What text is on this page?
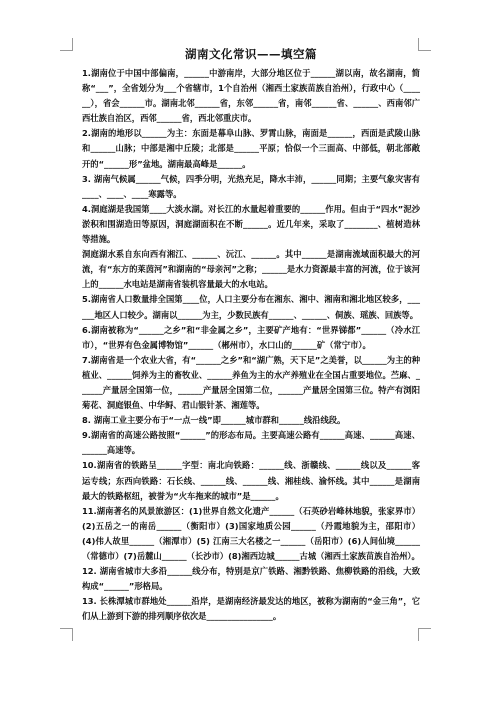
湖南文化常识——填空篇

1.湖南位于中国中部偏南，______中游南岸，大部分地区位于______湖以南，故名湖南，简称“___”，全省划分为___个省辖市，1个自治州（湘西土家族苗族自治州），行政中心（______），省会______市。湖南北邻______省，东邻______省，南邻______省、______、西南邻广西壮族自治区，西邻______省，西北邻重庆市。

2.湖南的地形以______为主：东面是幕阜山脉、罗霄山脉，南面是______，西面是武陵山脉和______山脉；中部是湘中丘陵；北部是______平原；恰似一个三面高、中部低，朝北部敞开的“______形”盆地。湖南最高峰是______。

3. 湖南气候属______气候，四季分明，光热充足，降水丰沛，______同期；主要气象灾害有____、____、____寒露等。

4.洞庭湖是我国第____大淡水湖。对长江的水量起着重要的______作用。但由于“四水”泥沙淤积和围湖造田等原因，洞庭湖面积在不断______。近几年来，采取了________、植树造林等措施。

洞庭湖水系自东向西有湘江、______、沅江、______。其中______是湖南流域面积最大的河流，有“东方的莱茵河”和湖南的“母亲河”之称；______是水力资源最丰富的河流，位于该河上的______水电站是湖南省装机容量最大的水电站。

5.湖南省人口数量排全国第____位，人口主要分布在湘东、湘中、湘南和湘北地区较多，______地区人口较少。湖南以______为主，少数民族有______、______、侗族、瑶族、回族等。

6.湖南被称为“______之乡”和“非金属之乡”，主要矿产地有：“世界锑都”______（冷水江市），“世界有色金属博物馆”______（郴州市），水口山的______矿（常宁市）。

7.湖南省是一个农业大省，有“______之乡”和“湖广熟，天下足”之美誉，以______为主的种植业、______饲养为主的畜牧业、______养鱼为主的水产养殖业在全国占重要地位。苎麻、______产量居全国第一位，______产量居全国第二位，______产量居全国第三位。特产有浏阳菊花、洞庭银鱼、中华鲟、君山银针茶、湘莲等。

8. 湖南工业主要分布于“一点一线”即______城市群和______线沿线段。

9.湖南省的高速公路按照“______”的形态布局。主要高速公路有______高速、______高速、______高速等。

10.湖南省的铁路呈______字型：南北向铁路：______线、浙赣线、______线以及______客运专线；东西向铁路：石长线、______线、______线、湘桂线、渝怀线。其中______是湖南最大的铁路枢纽，被誉为“火车拖来的城市”是______。

11.湖南著名的风景旅游区：(1)世界自然文化遗产______（石英砂岩峰林地貌，张家界市）(2)五岳之一的南岳______（衡阳市）(3)国家地质公园______（丹霞地貌为主，邵阳市）(4)伟人故里______（湘潭市）(5) 江南三大名楼之一______（岳阳市）(6)人间仙境______（常德市）(7)岳麓山______（长沙市）(8)湘西边城______古城（湘西土家族苗族自治州）。

12. 湖南省城市大多沿______线分布，特别是京广铁路、湘黔铁路、焦柳铁路的沿线，大致构成“______”形格局。

13. 长株潭城市群地处______沿岸，是湖南经济最发达的地区，被称为湖南的“金三角”，它们从上游到下游的排列顺序依次是________________。
